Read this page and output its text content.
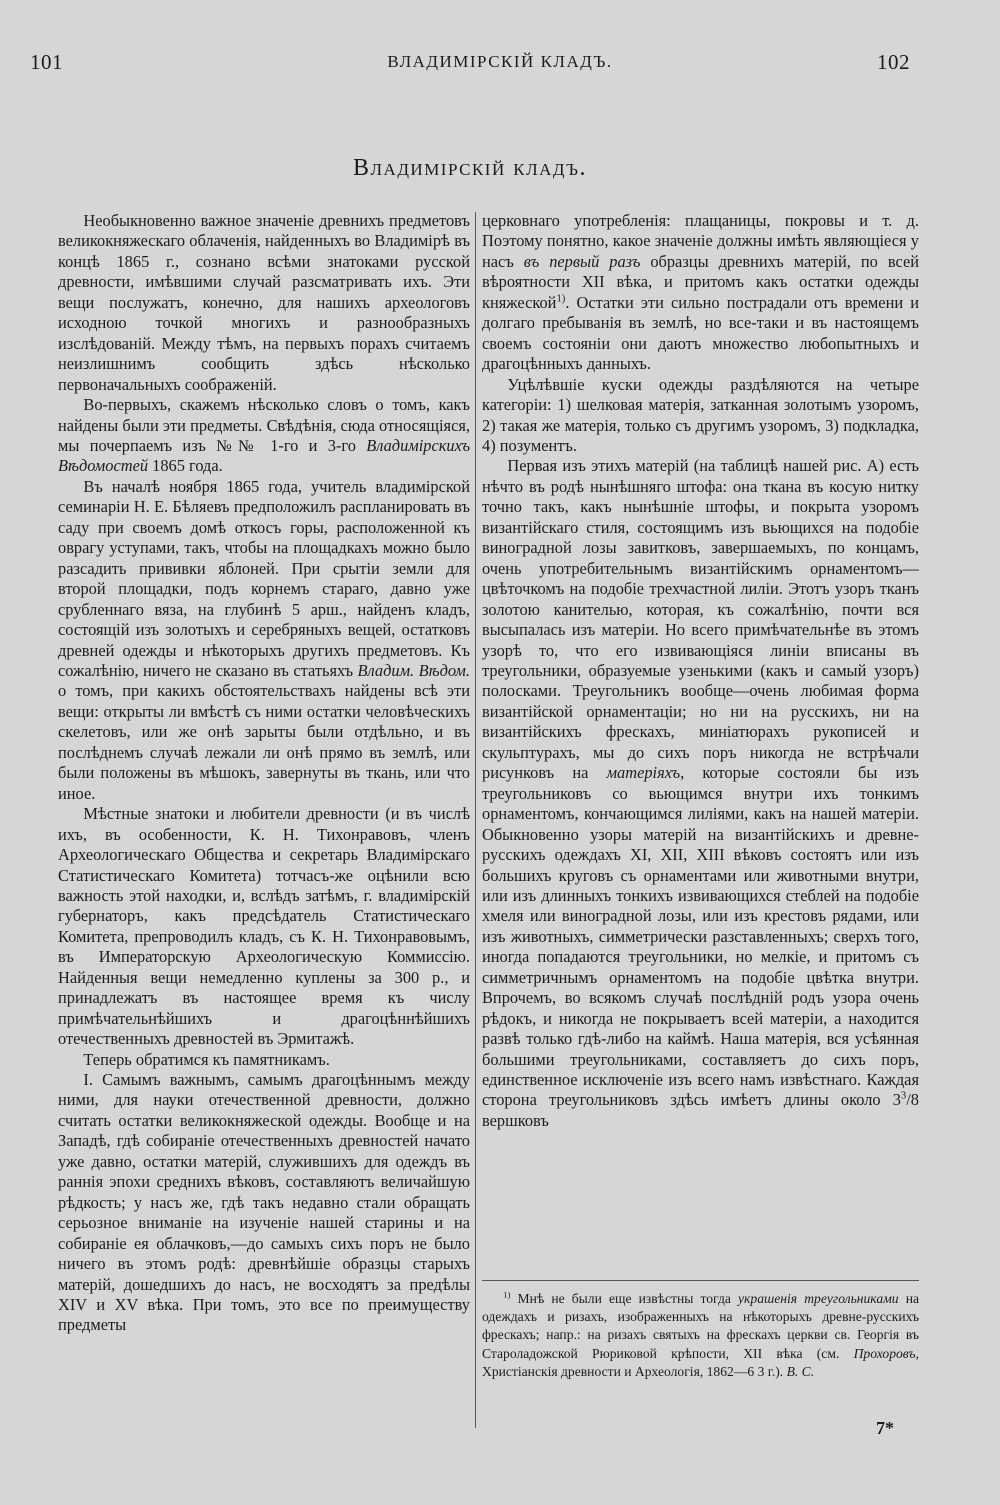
101	ВЛАДИМІРСКІЙ КЛАДЪ.	102
Владимірскій кладъ.

Необыкновенно важное значеніе древнихъ предметовъ великокняжескаго облаченія, найденныхъ во Владимірѣ въ концѣ 1865 г., сознано всѣми знатоками русской древности, имѣвшими случай разсматривать ихъ. Эти вещи послужатъ, конечно, для нашихъ археологовъ исходною точкой многихъ и разнообразныхъ изслѣдованій. Между тѣмъ, на первыхъ порахъ считаемъ неизлишнимъ сообщить здѣсь нѣсколько первоначальныхъ соображеній.

Во-первыхъ, скажемъ нѣсколько словъ о томъ, какъ найдены были эти предметы. Свѣдѣнія, сюда относящіяся, мы почерпаемъ изъ №№ 1-го и 3-го Владимірскихъ Вѣдомостей 1865 года.

Въ началѣ ноября 1865 года, учитель владимірской семинаріи Н. Е. Бѣляевъ предположилъ распланировать въ саду при своемъ домѣ откосъ горы, расположенной къ оврагу уступами, такъ, чтобы на площадкахъ можно было разсадить прививки яблоней. При срытіи земли для второй площадки, подъ корнемъ стараго, давно уже срубленнаго вяза, на глубинѣ 5 арш., найденъ кладъ, состоящій изъ золотыхъ и серебряныхъ вещей, остатковъ древней одежды и нѣкоторыхъ другихъ предметовъ. Къ сожалѣнію, ничего не сказано въ статьяхъ Владим. Вѣдом. о томъ, при какихъ обстоятельствахъ найдены всѣ эти вещи: открыты ли вмѣстѣ съ ними остатки человѣческихъ скелетовъ, или же онѣ зарыты были отдѣльно, и въ послѣднемъ случаѣ лежали ли онѣ прямо въ землѣ, или были положены въ мѣшокъ, завернуты въ ткань, или что иное.

Мѣстные знатоки и любители древности (и въ числѣ ихъ, въ особенности, К. Н. Тихонравовъ, членъ Археологическаго Общества и секретарь Владимірскаго Статистическаго Комитета) тотчасъ-же оцѣнили всю важность этой находки, и, вслѣдъ затѣмъ, г. владимірскій губернаторъ, какъ предсѣдатель Статистическаго Комитета, препроводилъ кладъ, съ К. Н. Тихонравовымъ, въ Императорскую Археологическую Коммиссію. Найденныя вещи немедленно куплены за 300 р., и принадлежатъ въ настоящее время къ числу примѣчательнѣйшихъ и драгоцѣннѣйшихъ отечественныхъ древностей въ Эрмитажѣ.

Теперь обратимся къ памятникамъ.

I. Самымъ важнымъ, самымъ драгоцѣннымъ между ними, для науки отечественной древности, должно считать остатки великокняжеской одежды. Вообще и на Западѣ, гдѣ собираніе отечественныхъ древностей начато уже давно, остатки матерій, служившихъ для одеждъ въ раннія эпохи среднихъ вѣковъ, составляютъ величайшую рѣдкость; у насъ же, гдѣ такъ недавно стали обращать серьозное вниманіе на изученіе нашей старины и на собираніе ея облачковъ,—до самыхъ сихъ поръ не было ничего въ этомъ родѣ: древнѣйшіе образцы старыхъ матерій, дошедшихъ до насъ, не восходятъ за предѣлы XIV и XV вѣка. При томъ, это все по преимуществу предметы

церковнаго употребленія: плащаницы, покровы и т. д. Поэтому понятно, какое значеніе должны имѣть являющіеся у насъ въ первый разъ образцы древнихъ матерій, по всей вѣроятности XII вѣка, и притомъ какъ остатки одежды княжеской$^{1)}$. Остатки эти сильно пострадали отъ времени и долгаго пребыванія въ землѣ, но все-таки и въ настоящемъ своемъ состояніи они даютъ множество любопытныхъ и драгоцѣнныхъ данныхъ.

Уцѣлѣвшіе куски одежды раздѣляются на четыре категоріи: 1) шелковая матерія, затканная золотымъ узоромъ, 2) такая же матерія, только съ другимъ узоромъ, 3) подкладка, 4) позументъ.

Первая изъ этихъ матерій (на таблицѣ нашей рис. А) есть нѣчто въ родѣ нынѣшняго штофа: она ткана въ косую нитку точно такъ, какъ нынѣшніе штофы, и покрыта узоромъ византійскаго стиля, состоящимъ изъ вьющихся на подобіе виноградной лозы завитковъ, завершаемыхъ, по концамъ, очень употребительнымъ византійскимъ орнаментомъ—цвѣточкомъ на подобіе трехчастной лиліи. Этотъ узоръ тканъ золотою канителью, которая, къ сожалѣнію, почти вся высыпалась изъ матеріи. Но всего примѣчательнѣе въ этомъ узорѣ то, что его извивающіяся линіи вписаны въ треугольники, образуемые узенькими (какъ и самый узоръ) полосками. Треугольникъ вообще—очень любимая форма византійской орнаментаціи; но ни на русскихъ, ни на византійскихъ фрескахъ, миніатюрахъ рукописей и скульптурахъ, мы до сихъ поръ никогда не встрѣчали рисунковъ на матеріяхъ, которые состояли бы изъ треугольниковъ со вьющимся внутри ихъ тонкимъ орнаментомъ, кончающимся лиліями, какъ на нашей матеріи. Обыкновенно узоры матерій на византійскихъ и древне-русскихъ одеждахъ XI, XII, XIII вѣковъ состоятъ или изъ большихъ круговъ съ орнаментами или животными внутри, или изъ длинныхъ тонкихъ извивающихся стеблей на подобіе хмеля или виноградной лозы, или изъ крестовъ рядами, или изъ животныхъ, симметрически разставленныхъ; сверхъ того, иногда попадаются треугольники, но мелкіе, и притомъ съ симметричнымъ орнаментомъ на подобіе цвѣтка внутри. Впрочемъ, во всякомъ случаѣ послѣдній родъ узора очень рѣдокъ, и никогда не покрываетъ всей матеріи, а находится развѣ только гдѣ-либо на каймѣ. Наша матерія, вся усѣянная большими треугольниками, составляетъ до сихъ поръ, единственное исключеніе изъ всего намъ извѣстнаго. Каждая сторона треугольниковъ здѣсь имѣетъ длины около $3^3/8$ вершковъ

$^{1)}$ Мнѣ не были еще извѣстны тогда украшенія треугольниками на одеждахъ и ризахъ, изображенныхъ на нѣкоторыхъ древне-русскихъ фрескахъ; напр.: на ризахъ святыхъ на фрескахъ церкви св. Георгія въ Староладожской Рюриковой крѣпости, XII вѣка (см. Прохоровъ, Христіанскія древности и Археологія, 1862—6 3 г.). В. С.

7*
